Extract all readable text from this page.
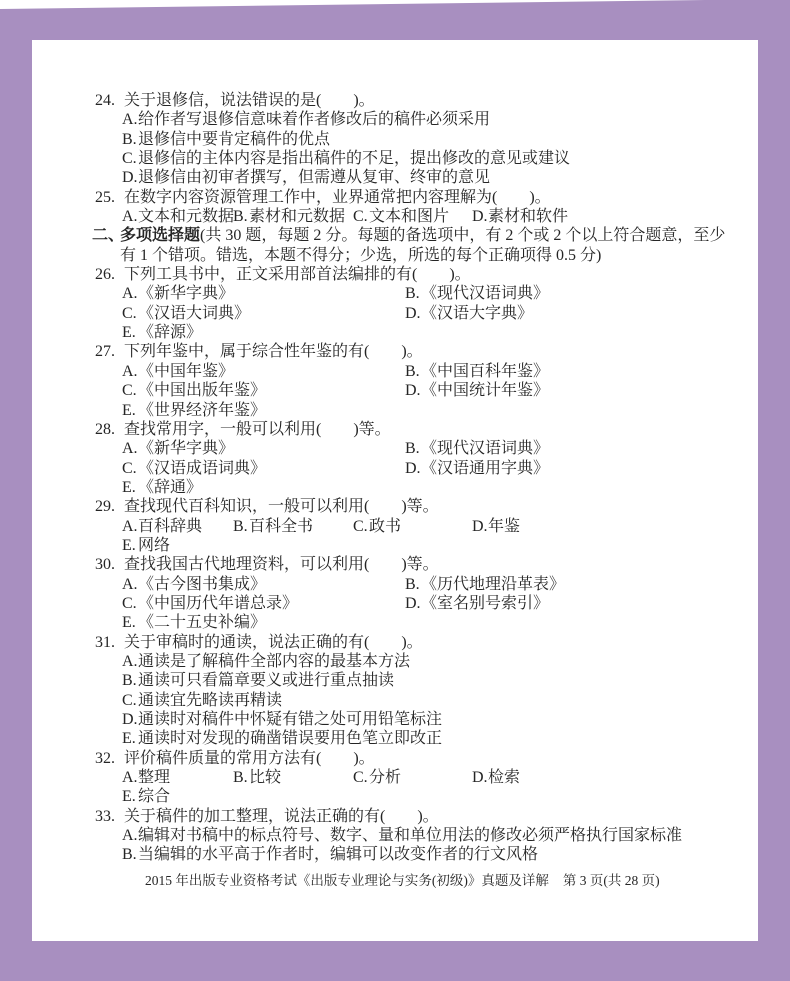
24. 关于退修信，说法错误的是(　　)。
A.给作者写退修信意味着作者修改后的稿件必须采用
B.退修信中要肯定稿件的优点
C.退修信的主体内容是指出稿件的不足，提出修改的意见或建议
D.退修信由初审者撰写，但需遵从复审、终审的意见
25. 在数字内容资源管理工作中，业界通常把内容理解为(　　)。
A.文本和元数据
B.素材和元数据 C.文本和图片	D.素材和软件
二、多项选择题(共 30 题，每题 2 分。每题的备选项中，有 2 个或 2 个以上符合题意，至少
有 1 个错项。错选，本题不得分；少选，所选的每个正确项得 0.5 分)
26. 下列工具书中，正文采用部首法编排的有(　　)。
A.《新华字典》	B.《现代汉语词典》
C.《汉语大词典》	D.《汉语大字典》
E. 《辞源》
27. 下列年鉴中，属于综合性年鉴的有(　　)。
A.《中国年鉴》	B.《中国百科年鉴》
C.《中国出版年鉴》	D.《中国统计年鉴》
E. 《世界经济年鉴》
28. 查找常用字，一般可以利用(　　)等。
A.《新华字典》	B.《现代汉语词典》
C.《汉语成语词典》	D.《汉语通用字典》
E. 《辞通》
29. 查找现代百科知识，一般可以利用(　　)等。
A.百科辞典	B.百科全书	C.政书	D.年鉴
E. 网络
30. 查找我国古代地理资料，可以利用(　　)等。
A.《古今图书集成》	B.《历代地理沿革表》
C.《中国历代年谱总录》	D.《室名别号索引》
E. 《二十五史补编》
31. 关于审稿时的通读，说法正确的有(　　)。
A.通读是了解稿件全部内容的最基本方法
B.通读可只看篇章要义或进行重点抽读
C.通读宜先略读再精读
D.通读时对稿件中怀疑有错之处可用铅笔标注
E. 通读时对发现的确凿错误要用色笔立即改正
32. 评价稿件质量的常用方法有(　　)。
A.整理	B.比较	C.分析	D.检索
E. 综合
33. 关于稿件的加工整理，说法正确的有(　　)。
A.编辑对书稿中的标点符号、数字、量和单位用法的修改必须严格执行国家标准
B.当编辑的水平高于作者时，编辑可以改变作者的行文风格
2015 年出版专业资格考试《出版专业理论与实务(初级)》真题及详解 第 3 页(共 28 页)
